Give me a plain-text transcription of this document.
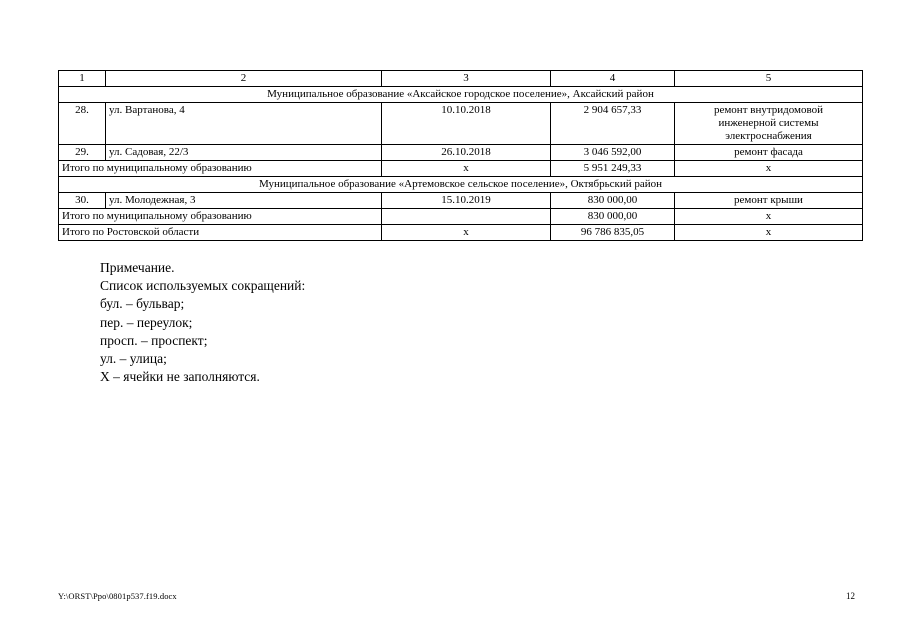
1	2	3	4	5
Муниципальное образование «Аксайское городское поселение», Аксайский район				
28.	ул. Вартанова, 4	10.10.2018	2 904 657,33	ремонт внутридомовой
инженерной системы
электроснабжения

29.	ул. Садовая, 22/3	26.10.2018	3 046 592,00	ремонт фасада
Итого по муниципальному образованию		x	5 951 249,33	x
Муниципальное образование «Артемовское сельское поселение», Октябрьский район				
30.	ул. Молодежная, 3	15.10.2019	830 000,00	ремонт крыши
Итого по муниципальному образованию			830 000,00	x
Итого по Ростовской области		x	96 786 835,05	x
Примечание.
Список используемых сокращений:
бул. – бульвар;
пер. – переулок;
просп. – проспект;
ул. – улица;
Х – ячейки не заполняются.
Y:\ORST\Ppo\0801p537.f19.docx	12
